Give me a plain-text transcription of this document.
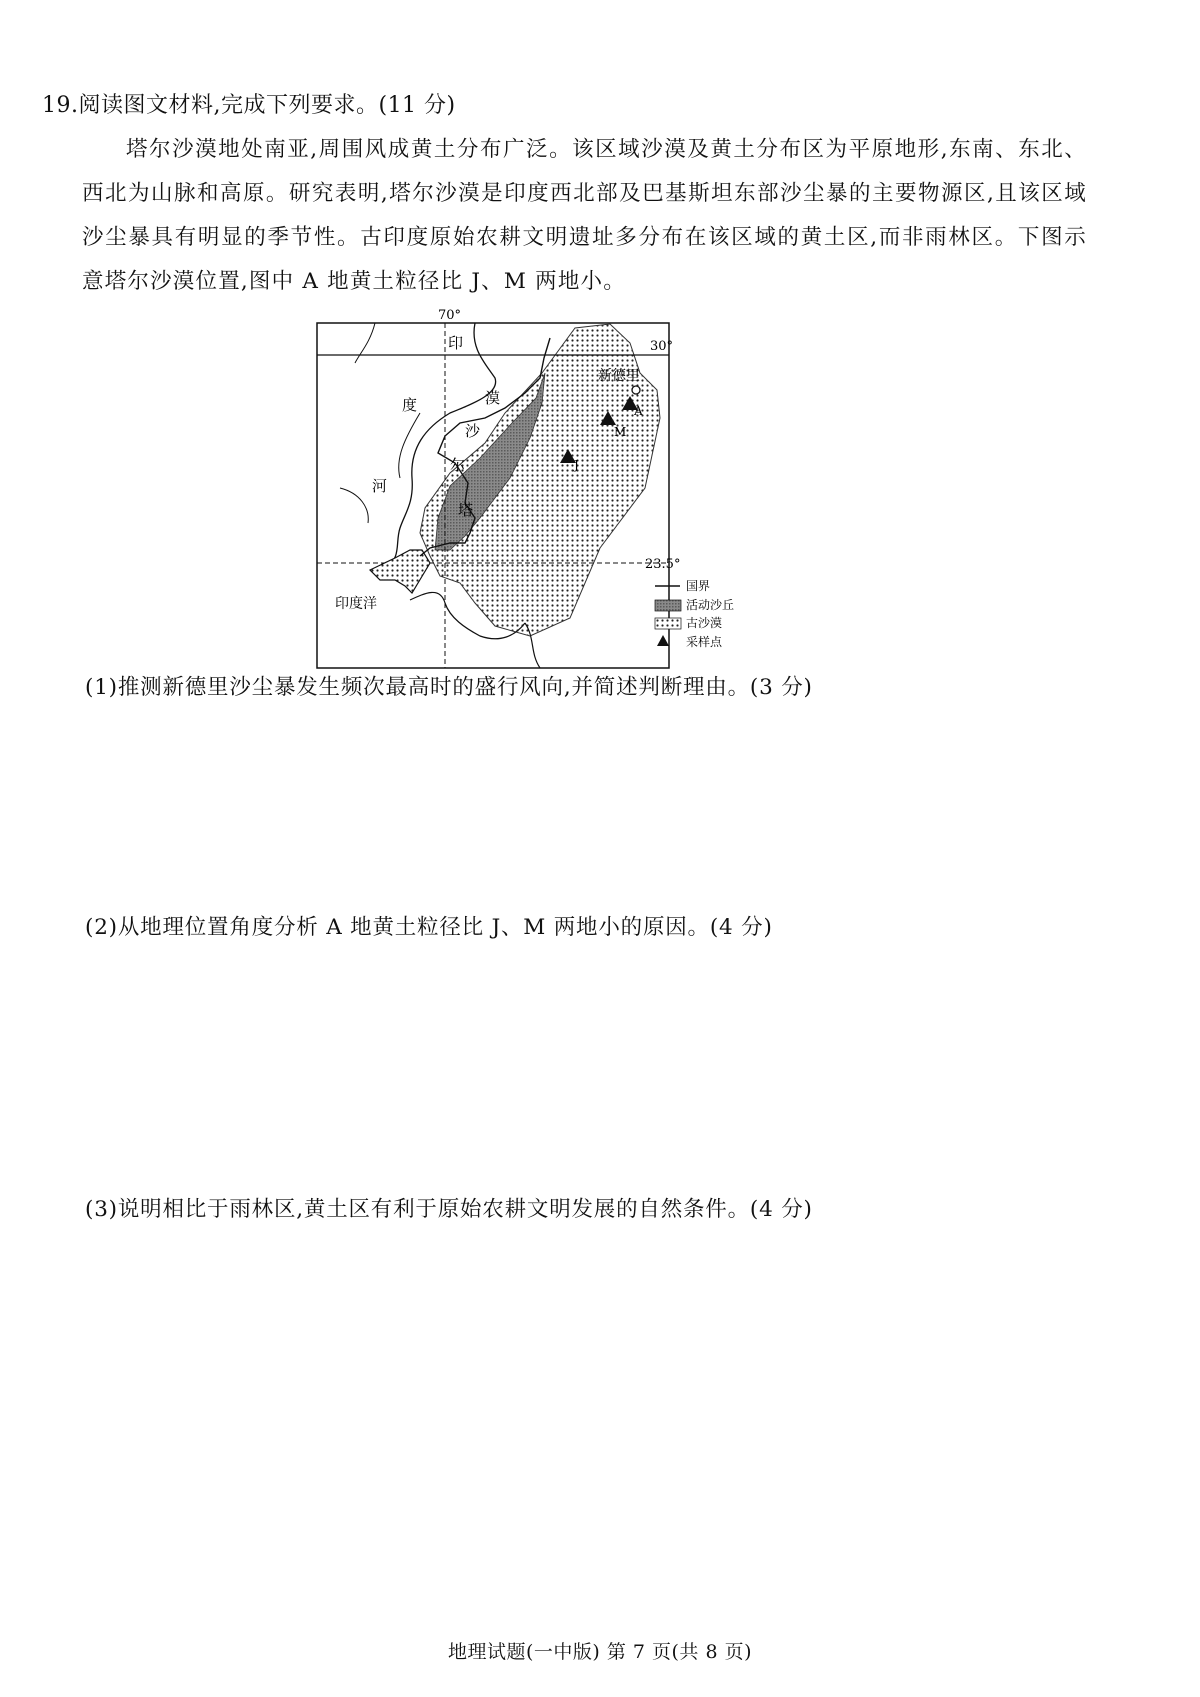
19.阅读图文材料,完成下列要求。(11 分)
塔尔沙漠地处南亚,周围风成黄土分布广泛。该区域沙漠及黄土分布区为平原地形,东南、东北、西北为山脉和高原。研究表明,塔尔沙漠是印度西北部及巴基斯坦东部沙尘暴的主要物源区,且该区域沙尘暴具有明显的季节性。古印度原始农耕文明遗址多分布在该区域的黄土区,而非雨林区。下图示意塔尔沙漠位置,图中 A 地黄土粒径比 J、M 两地小。
70°
30°
23.5°
新德里
A
M
J
印
度
河
塔
尔
沙
漠
印度洋
国界
活动沙丘
古沙漠
采样点
(1)推测新德里沙尘暴发生频次最高时的盛行风向,并简述判断理由。(3 分)
(2)从地理位置角度分析 A 地黄土粒径比 J、M 两地小的原因。(4 分)
(3)说明相比于雨林区,黄土区有利于原始农耕文明发展的自然条件。(4 分)
地理试题(一中版) 第 7 页(共 8 页)
